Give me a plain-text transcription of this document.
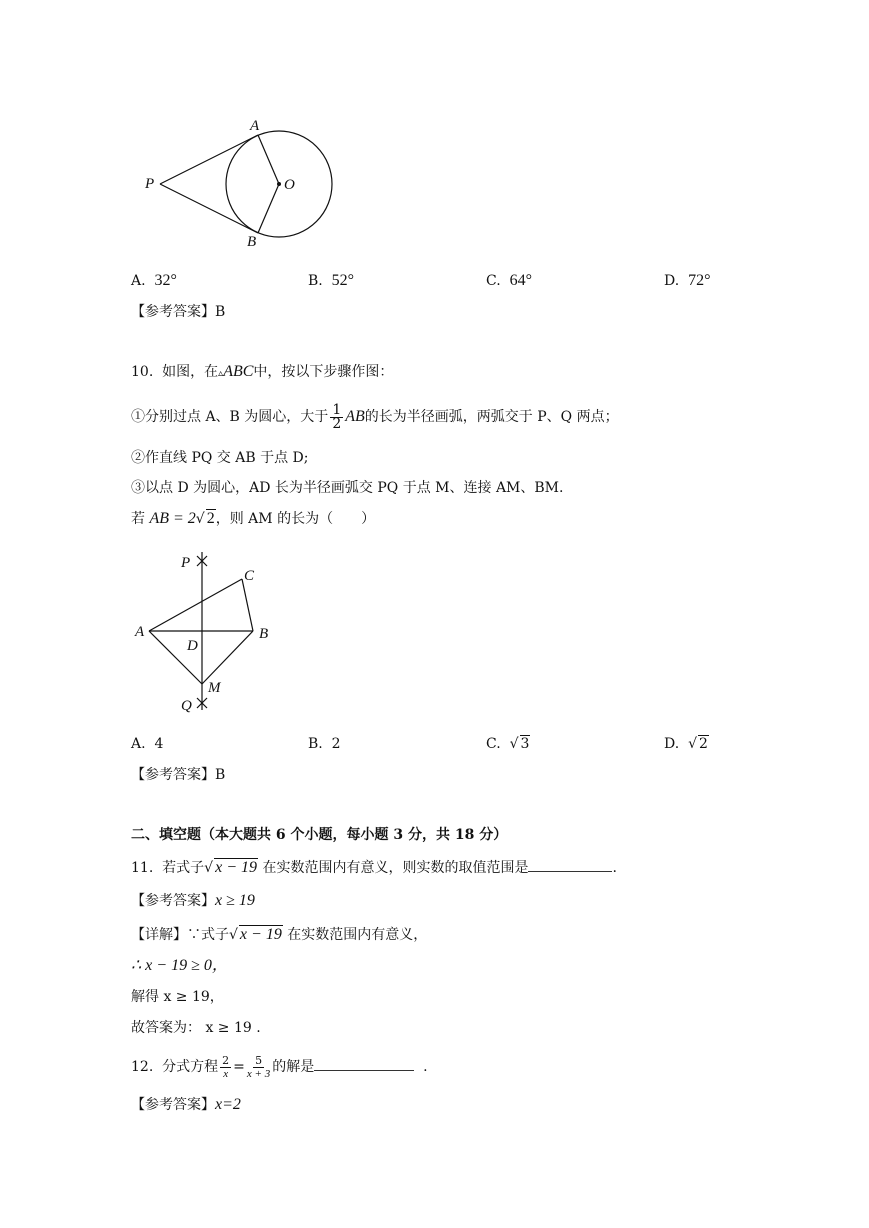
P
A
O
B
A. 32°	B. 52°	C. 64°	D. 72°
【参考答案】B
10. 如图，在▵ABC中，按以下步骤作图：
①分别过点 A、B 为圆心，大于 $\frac{1}{2}$ AB的长为半径画弧，两弧交于 P、Q 两点；
②作直线 PQ 交 AB 于点 D;
③以点 D 为圆心，AD 长为半径画弧交 PQ 于点 M、连接 AM、BM.
若 AB = 2√ 2，则 AM 的长为（　　）
P
C
A
D
B
M
Q
A. 4	B. 2	C. √ 3	D. √ 2
【参考答案】B
二、填空题（本大题共 6 个小题，每小题 3 分，共 18 分）
11. 若式子√ x − 19 在实数范围内有意义，则实数的取值范围是	.
【参考答案】x ≥ 19
【详解】∵式子√ x − 19 在实数范围内有意义，
∴ x − 19 ≥ 0，
解得 x ≥ 19，
故答案为： x ≥ 19 .
12. 分式方程 $\frac{2}{x} = \frac{5}{x + 3}$ 的解是	.
【参考答案】x=2
